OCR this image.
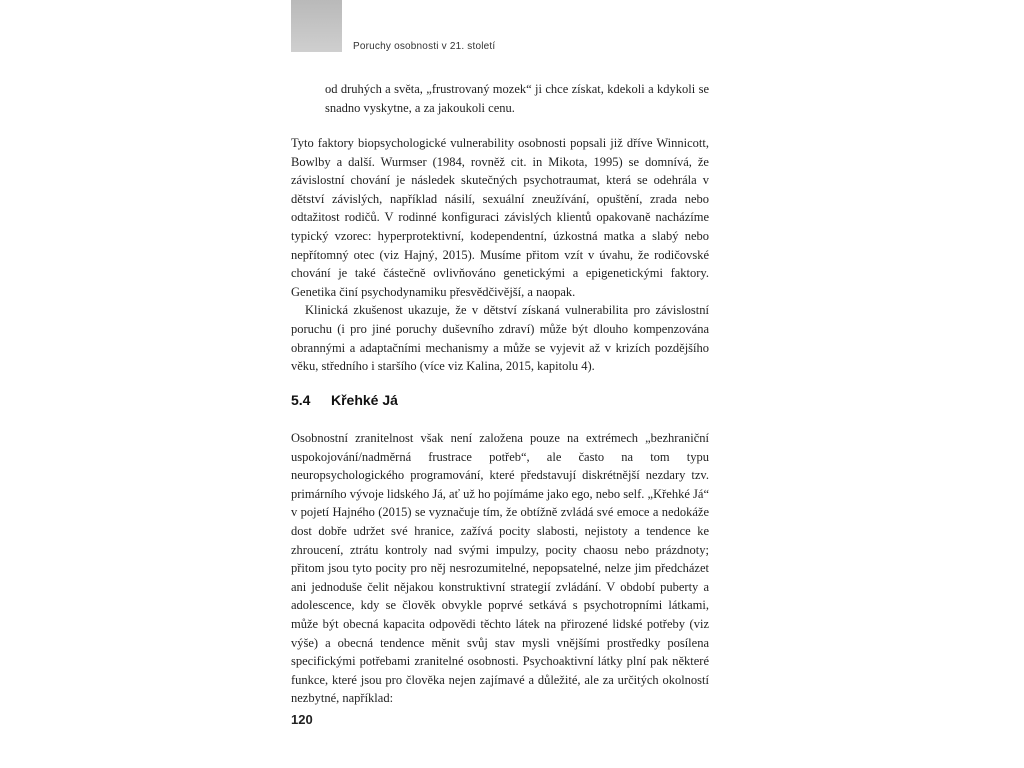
Poruchy osobnosti v 21. století

od druhých a světa, „frustrovaný mozek“ ji chce získat, kdekoli a kdykoli se snadno vyskytne, a za jakoukoli cenu.

Tyto faktory biopsychologické vulnerability osobnosti popsali již dříve Winnicott, Bowlby a další. Wurmser (1984, rovněž cit. in Mikota, 1995) se domnívá, že závislostní chování je následek skutečných psychotraumat, která se odehrála v dětství závislých, například násilí, sexuální zneužívání, opuštění, zrada nebo odtažitost rodičů. V rodinné konfiguraci závislých klientů opakovaně nacházíme typický vzorec: hyperprotektivní, kodependentní, úzkostná matka a slabý nebo nepřítomný otec (viz Hajný, 2015). Musíme přitom vzít v úvahu, že rodičovské chování je také částečně ovlivňováno genetickými a epigenetickými faktory. Genetika činí psychodynamiku přesvědčivější, a naopak.

Klinická zkušenost ukazuje, že v dětství získaná vulnerabilita pro závislostní poruchu (i pro jiné poruchy duševního zdraví) může být dlouho kompenzována obrannými a adaptačními mechanismy a může se vyjevit až v krizích pozdějšího věku, středního i staršího (více viz Kalina, 2015, kapitolu 4).

5.4 Křehké Já

Osobnostní zranitelnost však není založena pouze na extrémech „bezhraniční uspokojování/nadměrná frustrace potřeb“, ale často na tom typu neuropsychologického programování, které představují diskrétnější nezdary tzv. primárního vývoje lidského Já, ať už ho pojímáme jako ego, nebo self. „Křehké Já“ v pojetí Hajného (2015) se vyznačuje tím, že obtížně zvládá své emoce a nedokáže dost dobře udržet své hranice, zažívá pocity slabosti, nejistoty a tendence ke zhroucení, ztrátu kontroly nad svými impulzy, pocity chaosu nebo prázdnoty; přitom jsou tyto pocity pro něj nesrozumitelné, nepopsatelné, nelze jim předcházet ani jednoduše čelit nějakou konstruktivní strategií zvládání. V období puberty a adolescence, kdy se člověk obvykle poprvé setkává s psychotropními látkami, může být obecná kapacita odpovědi těchto látek na přirozené lidské potřeby (viz výše) a obecná tendence měnit svůj stav mysli vnějšími prostředky posílena specifickými potřebami zranitelné osobnosti. Psychoaktivní látky plní pak některé funkce, které jsou pro člověka nejen zajímavé a důležité, ale za určitých okolností nezbytné, například:

120
